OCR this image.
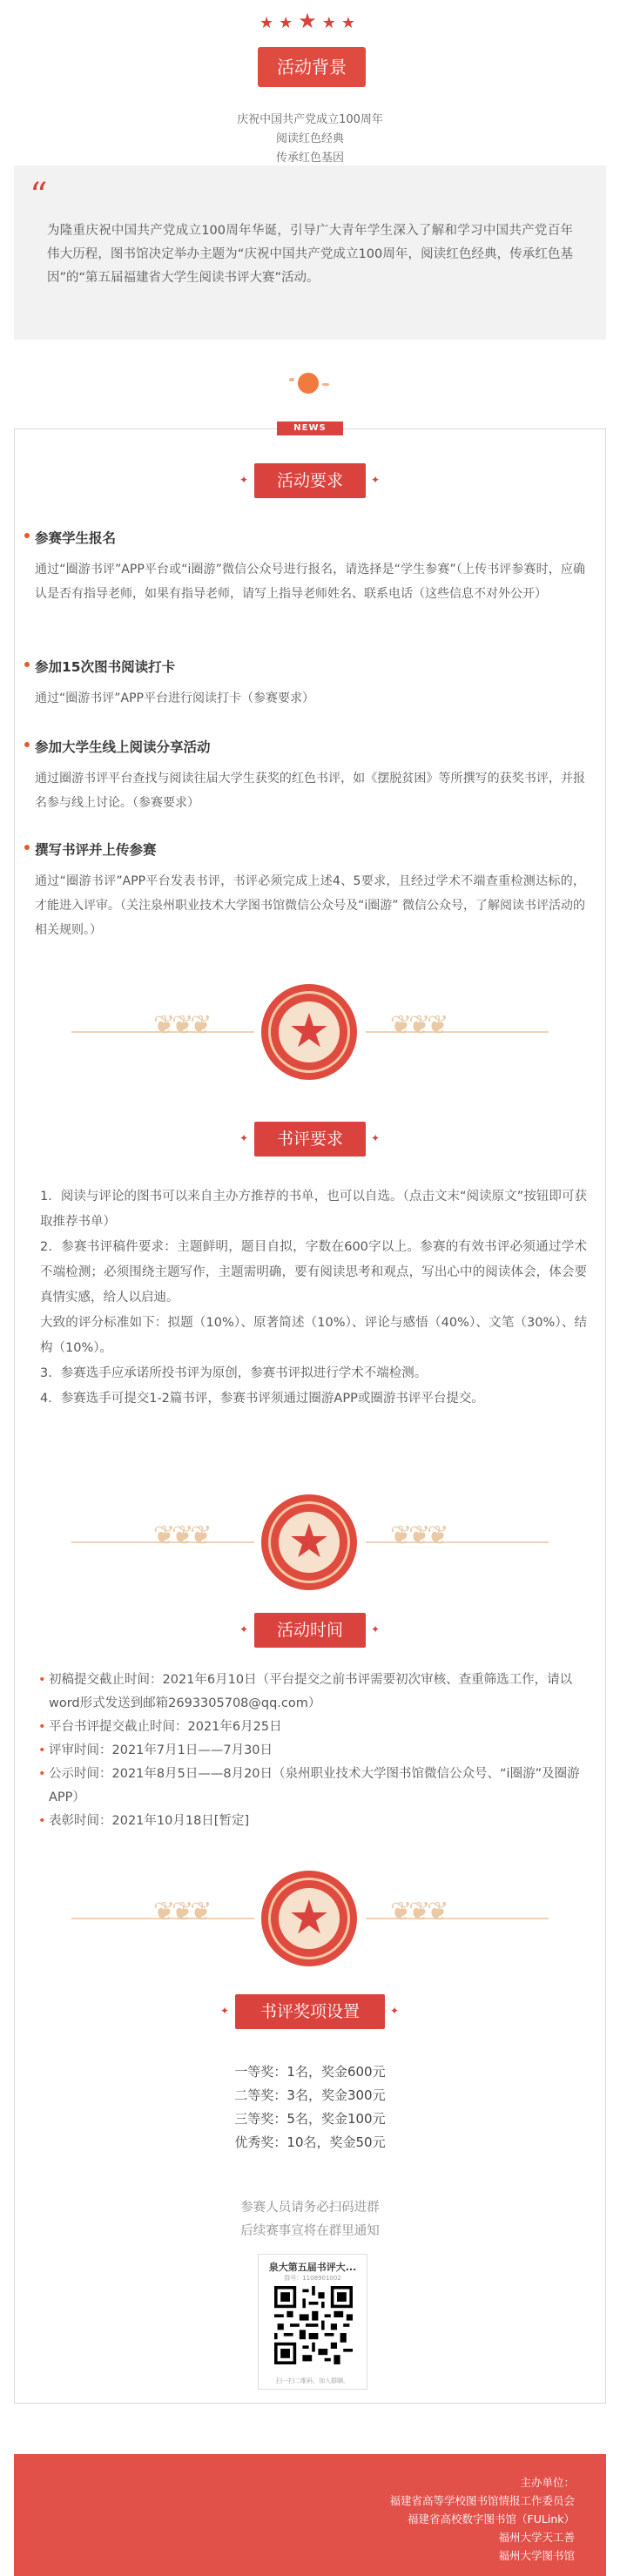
★★★★★
活动背景
庆祝中国共产党成立100周年
阅读红色经典
传承红色基因

为隆重庆祝中国共产党成立100周年华诞，引导广大青年学生深入了解和学习中国共产党百年伟大历程，图书馆决定举办主题为“庆祝中国共产党成立100周年，阅读红色经典，传承红色基因”的“第五届福建省大学生阅读书评大赛”活动。

“
NEWS
活动要求
✦	✦
参赛学生报名
通过“圈游书评”APP平台或“i圈游”微信公众号进行报名，请选择是“学生参赛”（上传书评参赛时，应确认是否有指导老师，如果有指导老师，请写上指导老师姓名、联系电话（这些信息不对外公开）
参加15次图书阅读打卡
通过“圈游书评”APP平台进行阅读打卡（参赛要求）
参加大学生线上阅读分享活动
通过圈游书评平台查找与阅读往届大学生获奖的红色书评，如《摆脱贫困》等所撰写的获奖书评，并报名参与线上讨论。（参赛要求）
撰写书评并上传参赛
通过“圈游书评”APP平台发表书评，书评必须完成上述4、5要求，且经过学术不端查重检测达标的，才能进入评审。（关注泉州职业技术大学图书馆微信公众号及“i圈游” 微信公众号，了解阅读书评活动的相关规则。）
❦❦❦	❦❦❦
★
书评要求
✦	✦
1．阅读与评论的图书可以来自主办方推荐的书单，也可以自选。（点击文末“阅读原文”按钮即可获取推荐书单）
2．参赛书评稿件要求：主题鲜明，题目自拟，字数在600字以上。参赛的有效书评必须通过学术不端检测；必须围绕主题写作，主题需明确，要有阅读思考和观点，写出心中的阅读体会，体会要真情实感，给人以启迪。
大致的评分标准如下：拟题（10%）、原著简述（10%）、评论与感悟（40%）、文笔（30%）、结构（10%）。
3．参赛选手应承诺所投书评为原创，参赛书评拟进行学术不端检测。
4．参赛选手可提交1-2篇书评，参赛书评须通过圈游APP或圈游书评平台提交。
❦❦❦	❦❦❦
★
活动时间
✦	✦
• 初稿提交截止时间：2021年6月10日（平台提交之前书评需要初次审核、查重筛选工作，请以word形式发送到邮箱2693305708@qq.com）
• 平台书评提交截止时间：2021年6月25日
• 评审时间：2021年7月1日——7月30日
• 公示时间：2021年8月5日——8月20日（泉州职业技术大学图书馆微信公众号、“i圈游”及圈游APP）
• 表彰时间：2021年10月18日[暂定]
❦❦❦	❦❦❦
★
书评奖项设置
✦	✦
一等奖：1名，奖金600元
二等奖：3名，奖金300元
三等奖：5名，奖金100元
优秀奖：10名，奖金50元
参赛人员请务必扫码进群
后续赛事宣将在群里通知
泉大第五届书评大...
群号：1108901002
扫一扫二维码，加入群聊。
主办单位：
福建省高等学校图书馆情报工作委员会
福建省高校数字图书馆（FULink）
福州大学天工善
福州大学图书馆
